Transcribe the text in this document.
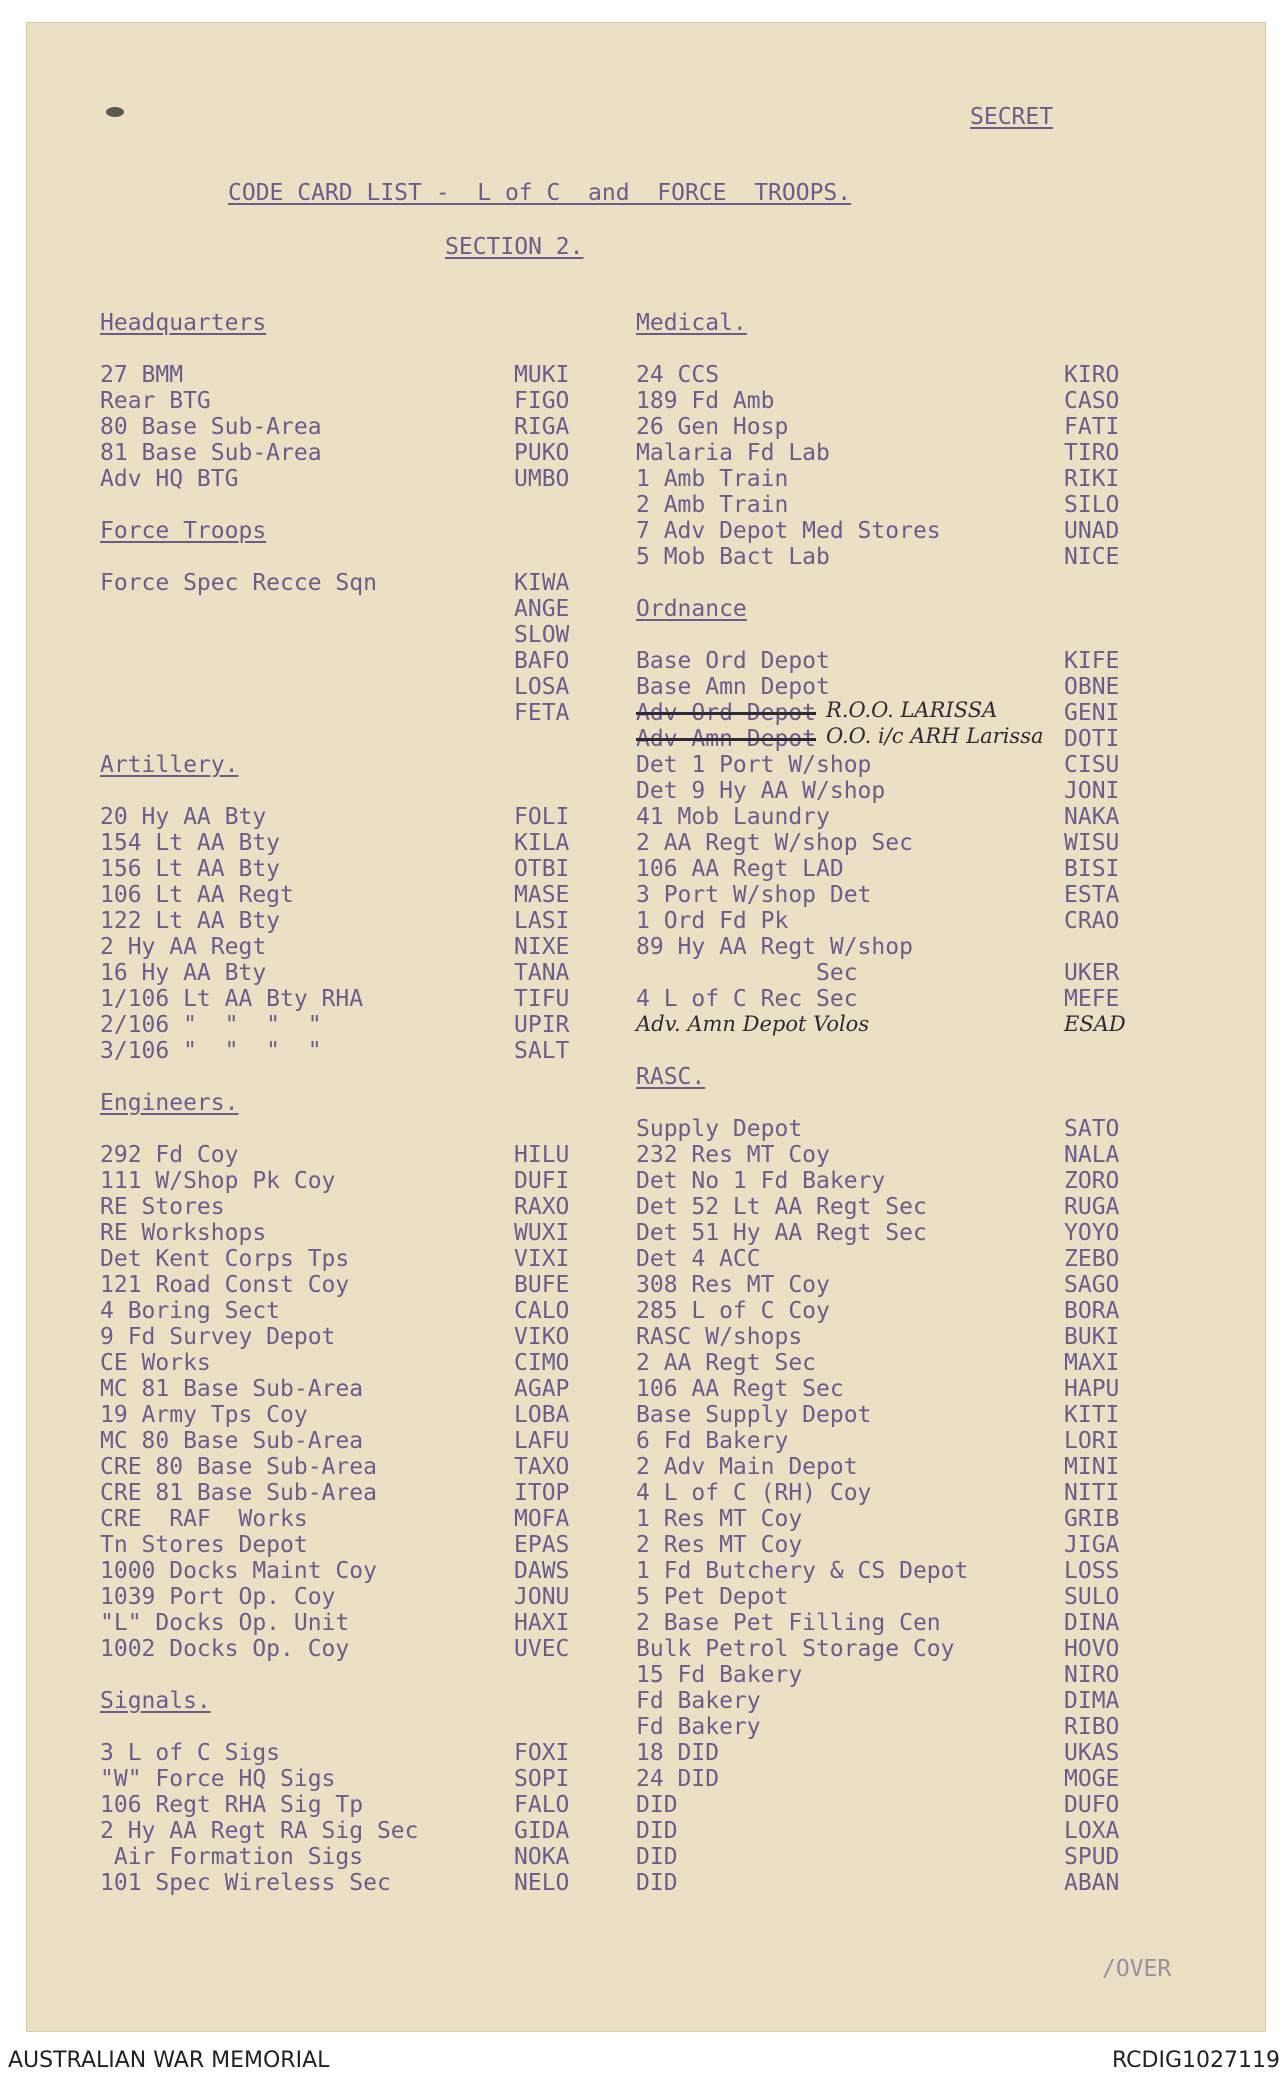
SECRET
CODE CARD LIST -  L of C  and  FORCE  TROOPS.
SECTION 2.
Headquarters
27 BMM	MUKI
Rear BTG	FIGO
80 Base Sub-Area	RIGA
81 Base Sub-Area	PUKO
Adv HQ BTG	UMBO
Force Troops
Force Spec Recce Sqn	KIWA
ANGE
SLOW
BAFO
LOSA
FETA
Artillery.
20 Hy AA Bty	FOLI
154 Lt AA Bty	KILA
156 Lt AA Bty	OTBI
106 Lt AA Regt	MASE
122 Lt AA Bty	LASI
2 Hy AA Regt	NIXE
16 Hy AA Bty	TANA
1/106 Lt AA Bty RHA	TIFU
2/106 "  "  "  "	UPIR
3/106 "  "  "  "	SALT
Engineers.
292 Fd Coy	HILU
111 W/Shop Pk Coy	DUFI
RE Stores	RAXO
RE Workshops	WUXI
Det Kent Corps Tps	VIXI
121 Road Const Coy	BUFE
4 Boring Sect	CALO
9 Fd Survey Depot	VIKO
CE Works	CIMO
MC 81 Base Sub-Area	AGAP
19 Army Tps Coy	LOBA
MC 80 Base Sub-Area	LAFU
CRE 80 Base Sub-Area	TAXO
CRE 81 Base Sub-Area	ITOP
CRE  RAF  Works	MOFA
Tn Stores Depot	EPAS
1000 Docks Maint Coy	DAWS
1039 Port Op. Coy	JONU
"L" Docks Op. Unit	HAXI
1002 Docks Op. Coy	UVEC
Signals.
3 L of C Sigs	FOXI
"W" Force HQ Sigs	SOPI
106 Regt RHA Sig Tp	FALO
2 Hy AA Regt RA Sig Sec	GIDA
Air Formation Sigs	NOKA
101 Spec Wireless Sec	NELO
Medical.
24 CCS	KIRO
189 Fd Amb	CASO
26 Gen Hosp	FATI
Malaria Fd Lab	TIRO
1 Amb Train	RIKI
2 Amb Train	SILO
7 Adv Depot Med Stores	UNAD
5 Mob Bact Lab	NICE
Ordnance
Base Ord Depot	KIFE
Base Amn Depot	OBNE
Adv Ord Depot R.O.O. LARISSA	GENI
Adv Amn Depot O.O. i/c ARH Larissa DOTI
Det 1 Port W/shop	CISU
Det 9 Hy AA W/shop	JONI
41 Mob Laundry	NAKA
2 AA Regt W/shop Sec	WISU
106 AA Regt LAD	BISI
3 Port W/shop Det	ESTA
1 Ord Fd Pk	CRAO
89 Hy AA Regt W/shop
Sec	UKER
4 L of C Rec Sec	MEFE
Adv. Amn Depot Volos	ESAD
RASC.
Supply Depot	SATO
232 Res MT Coy	NALA
Det No 1 Fd Bakery	ZORO
Det 52 Lt AA Regt Sec	RUGA
Det 51 Hy AA Regt Sec	YOYO
Det 4 ACC	ZEBO
308 Res MT Coy	SAGO
285 L of C Coy	BORA
RASC W/shops	BUKI
2 AA Regt Sec	MAXI
106 AA Regt Sec	HAPU
Base Supply Depot	KITI
6 Fd Bakery	LORI
2 Adv Main Depot	MINI
4 L of C (RH) Coy	NITI
1 Res MT Coy	GRIB
2 Res MT Coy	JIGA
1 Fd Butchery & CS Depot	LOSS
5 Pet Depot	SULO
2 Base Pet Filling Cen	DINA
Bulk Petrol Storage Coy	HOVO
15 Fd Bakery	NIRO
Fd Bakery	DIMA
Fd Bakery	RIBO
18 DID	UKAS
24 DID	MOGE
DID	DUFO
DID	LOXA
DID	SPUD
DID	ABAN
/OVER
AUSTRALIAN WAR MEMORIAL	RCDIG1027119
